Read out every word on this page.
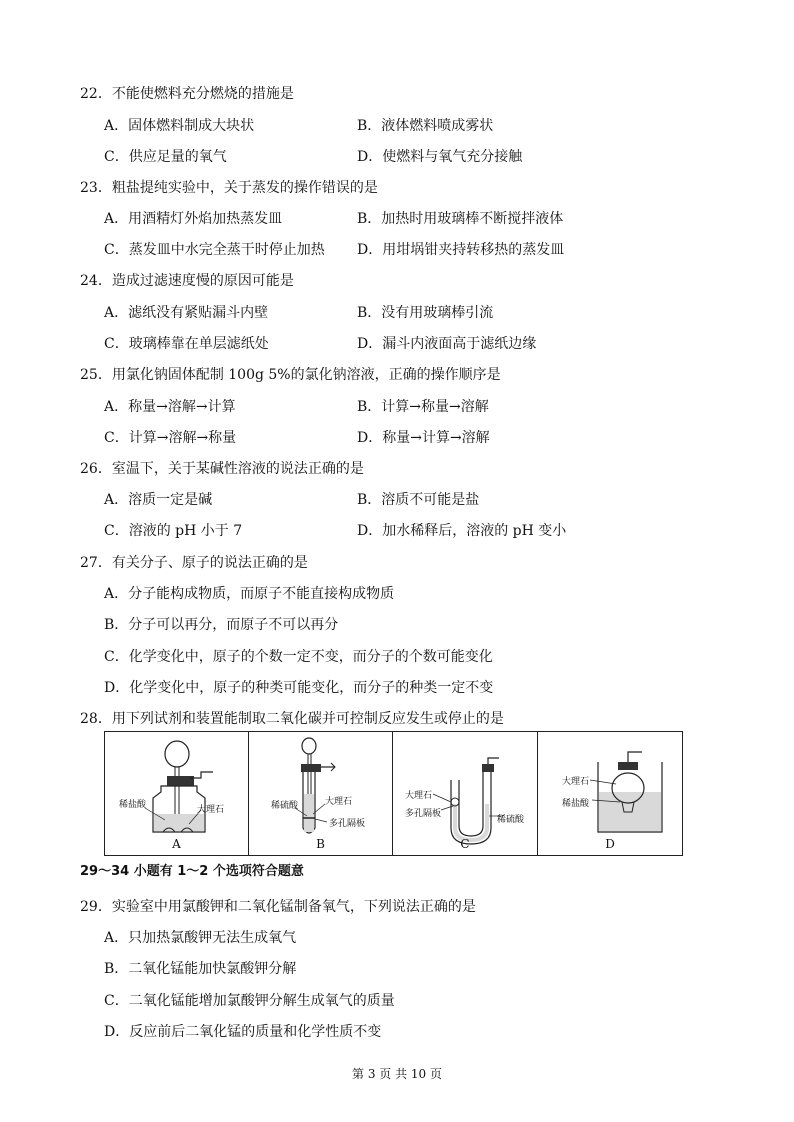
22．不能使燃料充分燃烧的措施是
A．固体燃料制成大块状	B．液体燃料喷成雾状
C．供应足量的氧气	D．使燃料与氧气充分接触
23．粗盐提纯实验中，关于蒸发的操作错误的是
A．用酒精灯外焰加热蒸发皿	B．加热时用玻璃棒不断搅拌液体
C．蒸发皿中水完全蒸干时停止加热 D．用坩埚钳夹持转移热的蒸发皿
24．造成过滤速度慢的原因可能是
A．滤纸没有紧贴漏斗内壁	B．没有用玻璃棒引流
C．玻璃棒靠在单层滤纸处	D．漏斗内液面高于滤纸边缘
25．用氯化钠固体配制 100g 5%的氯化钠溶液，正确的操作顺序是
A．称量→溶解→计算	B．计算→称量→溶解
C．计算→溶解→称量	D．称量→计算→溶解
26．室温下，关于某碱性溶液的说法正确的是
A．溶质一定是碱	B．溶质不可能是盐
C．溶液的 pH 小于 7	D．加水稀释后，溶液的 pH 变小
27．有关分子、原子的说法正确的是
A．分子能构成物质，而原子不能直接构成物质
B．分子可以再分，而原子不可以再分
C．化学变化中，原子的个数一定不变，而分子的个数可能变化
D．化学变化中，原子的种类可能变化，而分子的种类一定不变
28．用下列试剂和装置能制取二氧化碳并可控制反应发生或停止的是
稀盐酸	大理石
A
稀硫酸	大理石
多孔隔板
B
大理石
多孔隔板
稀硫酸
C
大理石
稀盐酸
D
29～34 小题有 1～2 个选项符合题意
29．实验室中用氯酸钾和二氧化锰制备氧气，下列说法正确的是
A．只加热氯酸钾无法生成氧气
B．二氧化锰能加快氯酸钾分解
C．二氧化锰能增加氯酸钾分解生成氧气的质量
D．反应前后二氧化锰的质量和化学性质不变
第 3 页 共 10 页
